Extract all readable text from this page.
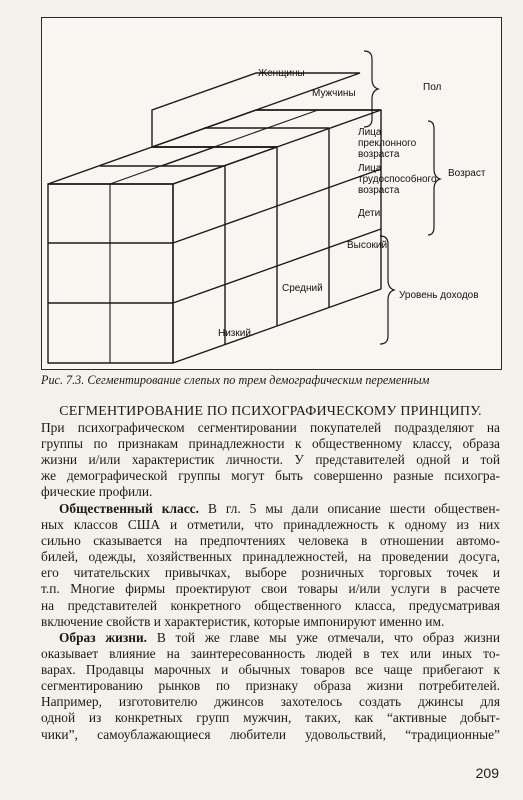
Женщины
Мужчины
Пол
Лица
преклонного
возраста
Лица
трудоспособного
возраста
Дети
Возраст
Высокий
Средний
Низкий
Уровень доходов
Рис. 7.3. Сегментирование слепых по трем демографическим переменным
СЕГМЕНТИРОВАНИЕ ПО ПСИХОГРАФИЧЕСКОМУ ПРИНЦИПУ.
При психографическом сегментировании покупателей подразделяют на
группы по признакам принадлежности к общественному классу, образа
жизни и/или характеристик личности. У представителей одной и той
же демографической группы могут быть совершенно разные психогра-
фические профили.
Общественный класс. В гл. 5 мы дали описание шести обществен-
ных классов США и отметили, что принадлежность к одному из них
сильно сказывается на предпочтениях человека в отношении автомо-
билей, одежды, хозяйственных принадлежностей, на проведении досуга,
его читательских привычках, выборе розничных торговых точек и
т.п. Многие фирмы проектируют свои товары и/или услуги в расчете
на представителей конкретного общественного класса, предусматривая
включение свойств и характеристик, которые импонируют именно им.
Образ жизни. В той же главе мы уже отмечали, что образ жизни
оказывает влияние на заинтересованность людей в тех или иных то-
варах. Продавцы марочных и обычных товаров все чаще прибегают к
сегментированию рынков по признаку образа жизни потребителей.
Например, изготовителю джинсов захотелось создать джинсы для
одной из конкретных групп мужчин, таких, как “активные добыт-
чики”, самоублажающиеся любители удовольствий, “традиционные”
209
